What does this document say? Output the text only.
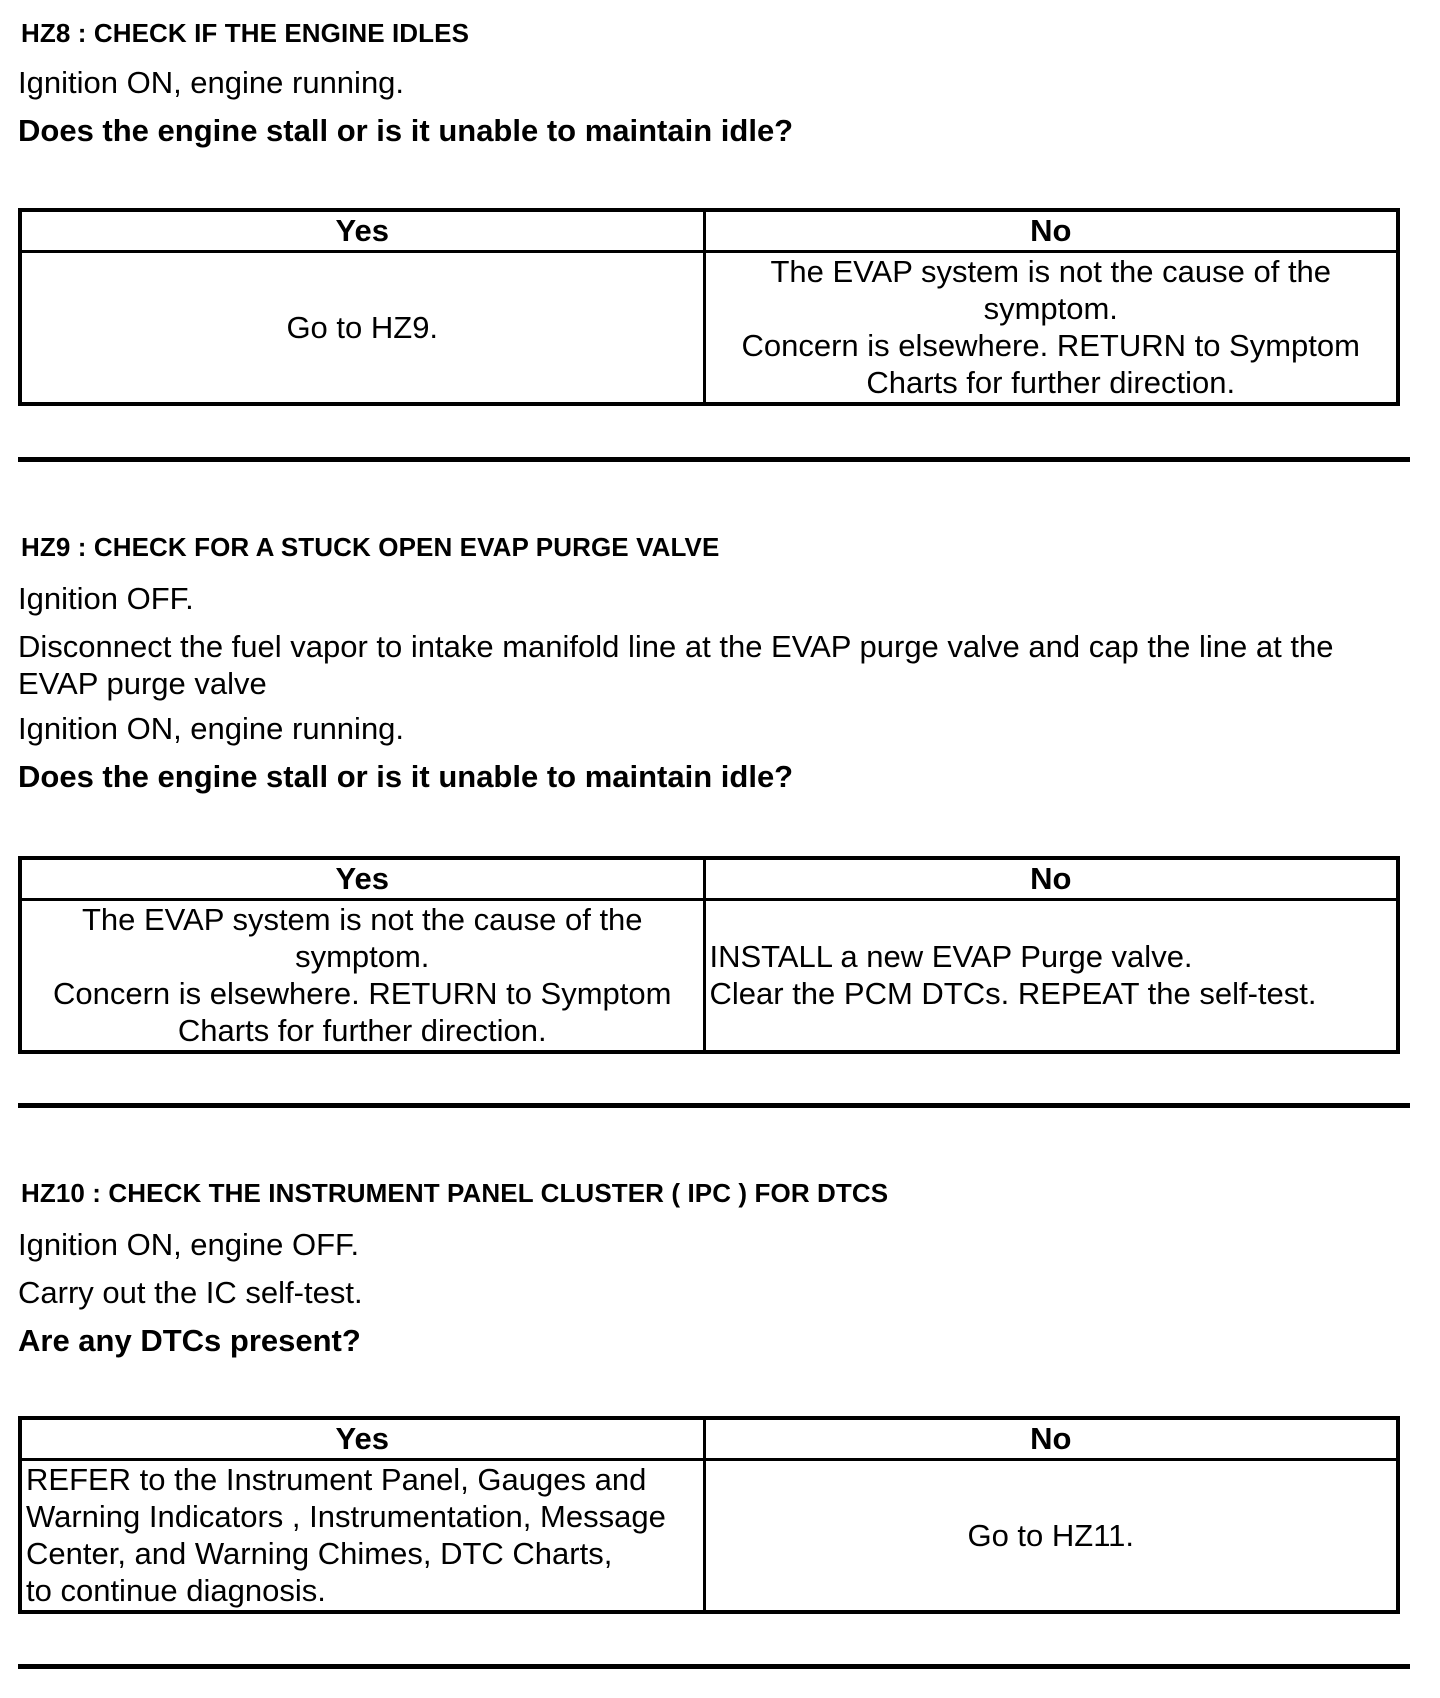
HZ8 : CHECK IF THE ENGINE IDLES

Ignition ON, engine running.

Does the engine stall or is it unable to maintain idle?

Yes	No

Go to HZ9.	The EVAP system is not the cause of the
symptom.
Concern is elsewhere. RETURN to Symptom
Charts for further direction.
HZ9 : CHECK FOR A STUCK OPEN EVAP PURGE VALVE

Ignition OFF.

Disconnect the fuel vapor to intake manifold line at the EVAP purge valve and cap the line at the EVAP purge valve

Ignition ON, engine running.

Does the engine stall or is it unable to maintain idle?

Yes	No

The EVAP system is not the cause of the
symptom.
Concern is elsewhere. RETURN to Symptom
Charts for further direction.	INSTALL a new EVAP Purge valve.
Clear the PCM DTCs. REPEAT the self-test.
HZ10 : CHECK THE INSTRUMENT PANEL CLUSTER ( IPC ) FOR DTCS

Ignition ON, engine OFF.

Carry out the IC self-test.

Are any DTCs present?

Yes	No

REFER to the Instrument Panel, Gauges and
Warning Indicators , Instrumentation, Message
Center, and Warning Chimes, DTC Charts,
to continue diagnosis.	Go to HZ11.
